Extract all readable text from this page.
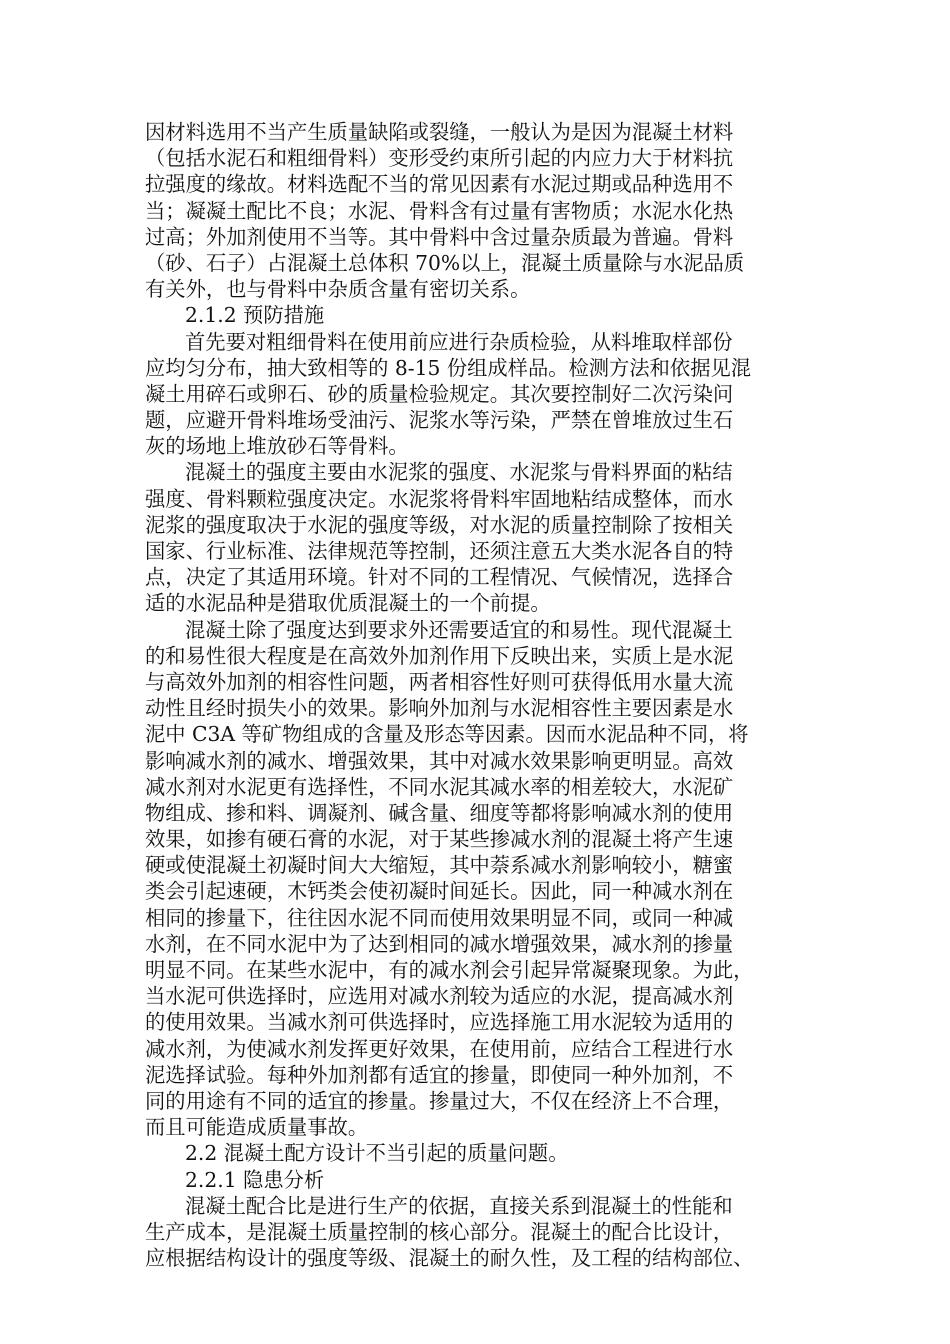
因材料选用不当产生质量缺陷或裂缝，一般认为是因为混凝土材料
（包括水泥石和粗细骨料）变形受约束所引起的内应力大于材料抗
拉强度的缘故。材料选配不当的常见因素有水泥过期或品种选用不
当；凝凝土配比不良；水泥、骨料含有过量有害物质；水泥水化热
过高；外加剂使用不当等。其中骨料中含过量杂质最为普遍。骨料
（砂、石子）占混凝土总体积 70%以上，混凝土质量除与水泥品质
有关外，也与骨料中杂质含量有密切关系。
2.1.2 预防措施
首先要对粗细骨料在使用前应进行杂质检验，从料堆取样部份
应均匀分布，抽大致相等的 8-15 份组成样品。检测方法和依据见混
凝土用碎石或卵石、砂的质量检验规定。其次要控制好二次污染问
题，应避开骨料堆场受油污、泥浆水等污染，严禁在曾堆放过生石
灰的场地上堆放砂石等骨料。
混凝土的强度主要由水泥浆的强度、水泥浆与骨料界面的粘结
强度、骨料颗粒强度决定。水泥浆将骨料牢固地粘结成整体，而水
泥浆的强度取决于水泥的强度等级，对水泥的质量控制除了按相关
国家、行业标准、法律规范等控制，还须注意五大类水泥各自的特
点，决定了其适用环境。针对不同的工程情况、气候情况，选择合
适的水泥品种是猎取优质混凝土的一个前提。
混凝土除了强度达到要求外还需要适宜的和易性。现代混凝土
的和易性很大程度是在高效外加剂作用下反映出来，实质上是水泥
与高效外加剂的相容性问题，两者相容性好则可获得低用水量大流
动性且经时损失小的效果。影响外加剂与水泥相容性主要因素是水
泥中 C3A 等矿物组成的含量及形态等因素。因而水泥品种不同，将
影响减水剂的减水、增强效果，其中对减水效果影响更明显。高效
减水剂对水泥更有选择性，不同水泥其减水率的相差较大，水泥矿
物组成、掺和料、调凝剂、碱含量、细度等都将影响减水剂的使用
效果，如掺有硬石膏的水泥，对于某些掺减水剂的混凝土将产生速
硬或使混凝土初凝时间大大缩短，其中萘系减水剂影响较小，糖蜜
类会引起速硬，木钙类会使初凝时间延长。因此，同一种减水剂在
相同的掺量下，往往因水泥不同而使用效果明显不同，或同一种减
水剂，在不同水泥中为了达到相同的减水增强效果，减水剂的掺量
明显不同。在某些水泥中，有的减水剂会引起异常凝聚现象。为此，
当水泥可供选择时，应选用对减水剂较为适应的水泥，提高减水剂
的使用效果。当减水剂可供选择时，应选择施工用水泥较为适用的
减水剂，为使减水剂发挥更好效果，在使用前，应结合工程进行水
泥选择试验。每种外加剂都有适宜的掺量，即使同一种外加剂，不
同的用途有不同的适宜的掺量。掺量过大，不仅在经济上不合理，
而且可能造成质量事故。
2.2 混凝土配方设计不当引起的质量问题。
2.2.1 隐患分析
混凝土配合比是进行生产的依据，直接关系到混凝土的性能和
生产成本，是混凝土质量控制的核心部分。混凝土的配合比设计，
应根据结构设计的强度等级、混凝土的耐久性，及工程的结构部位、
